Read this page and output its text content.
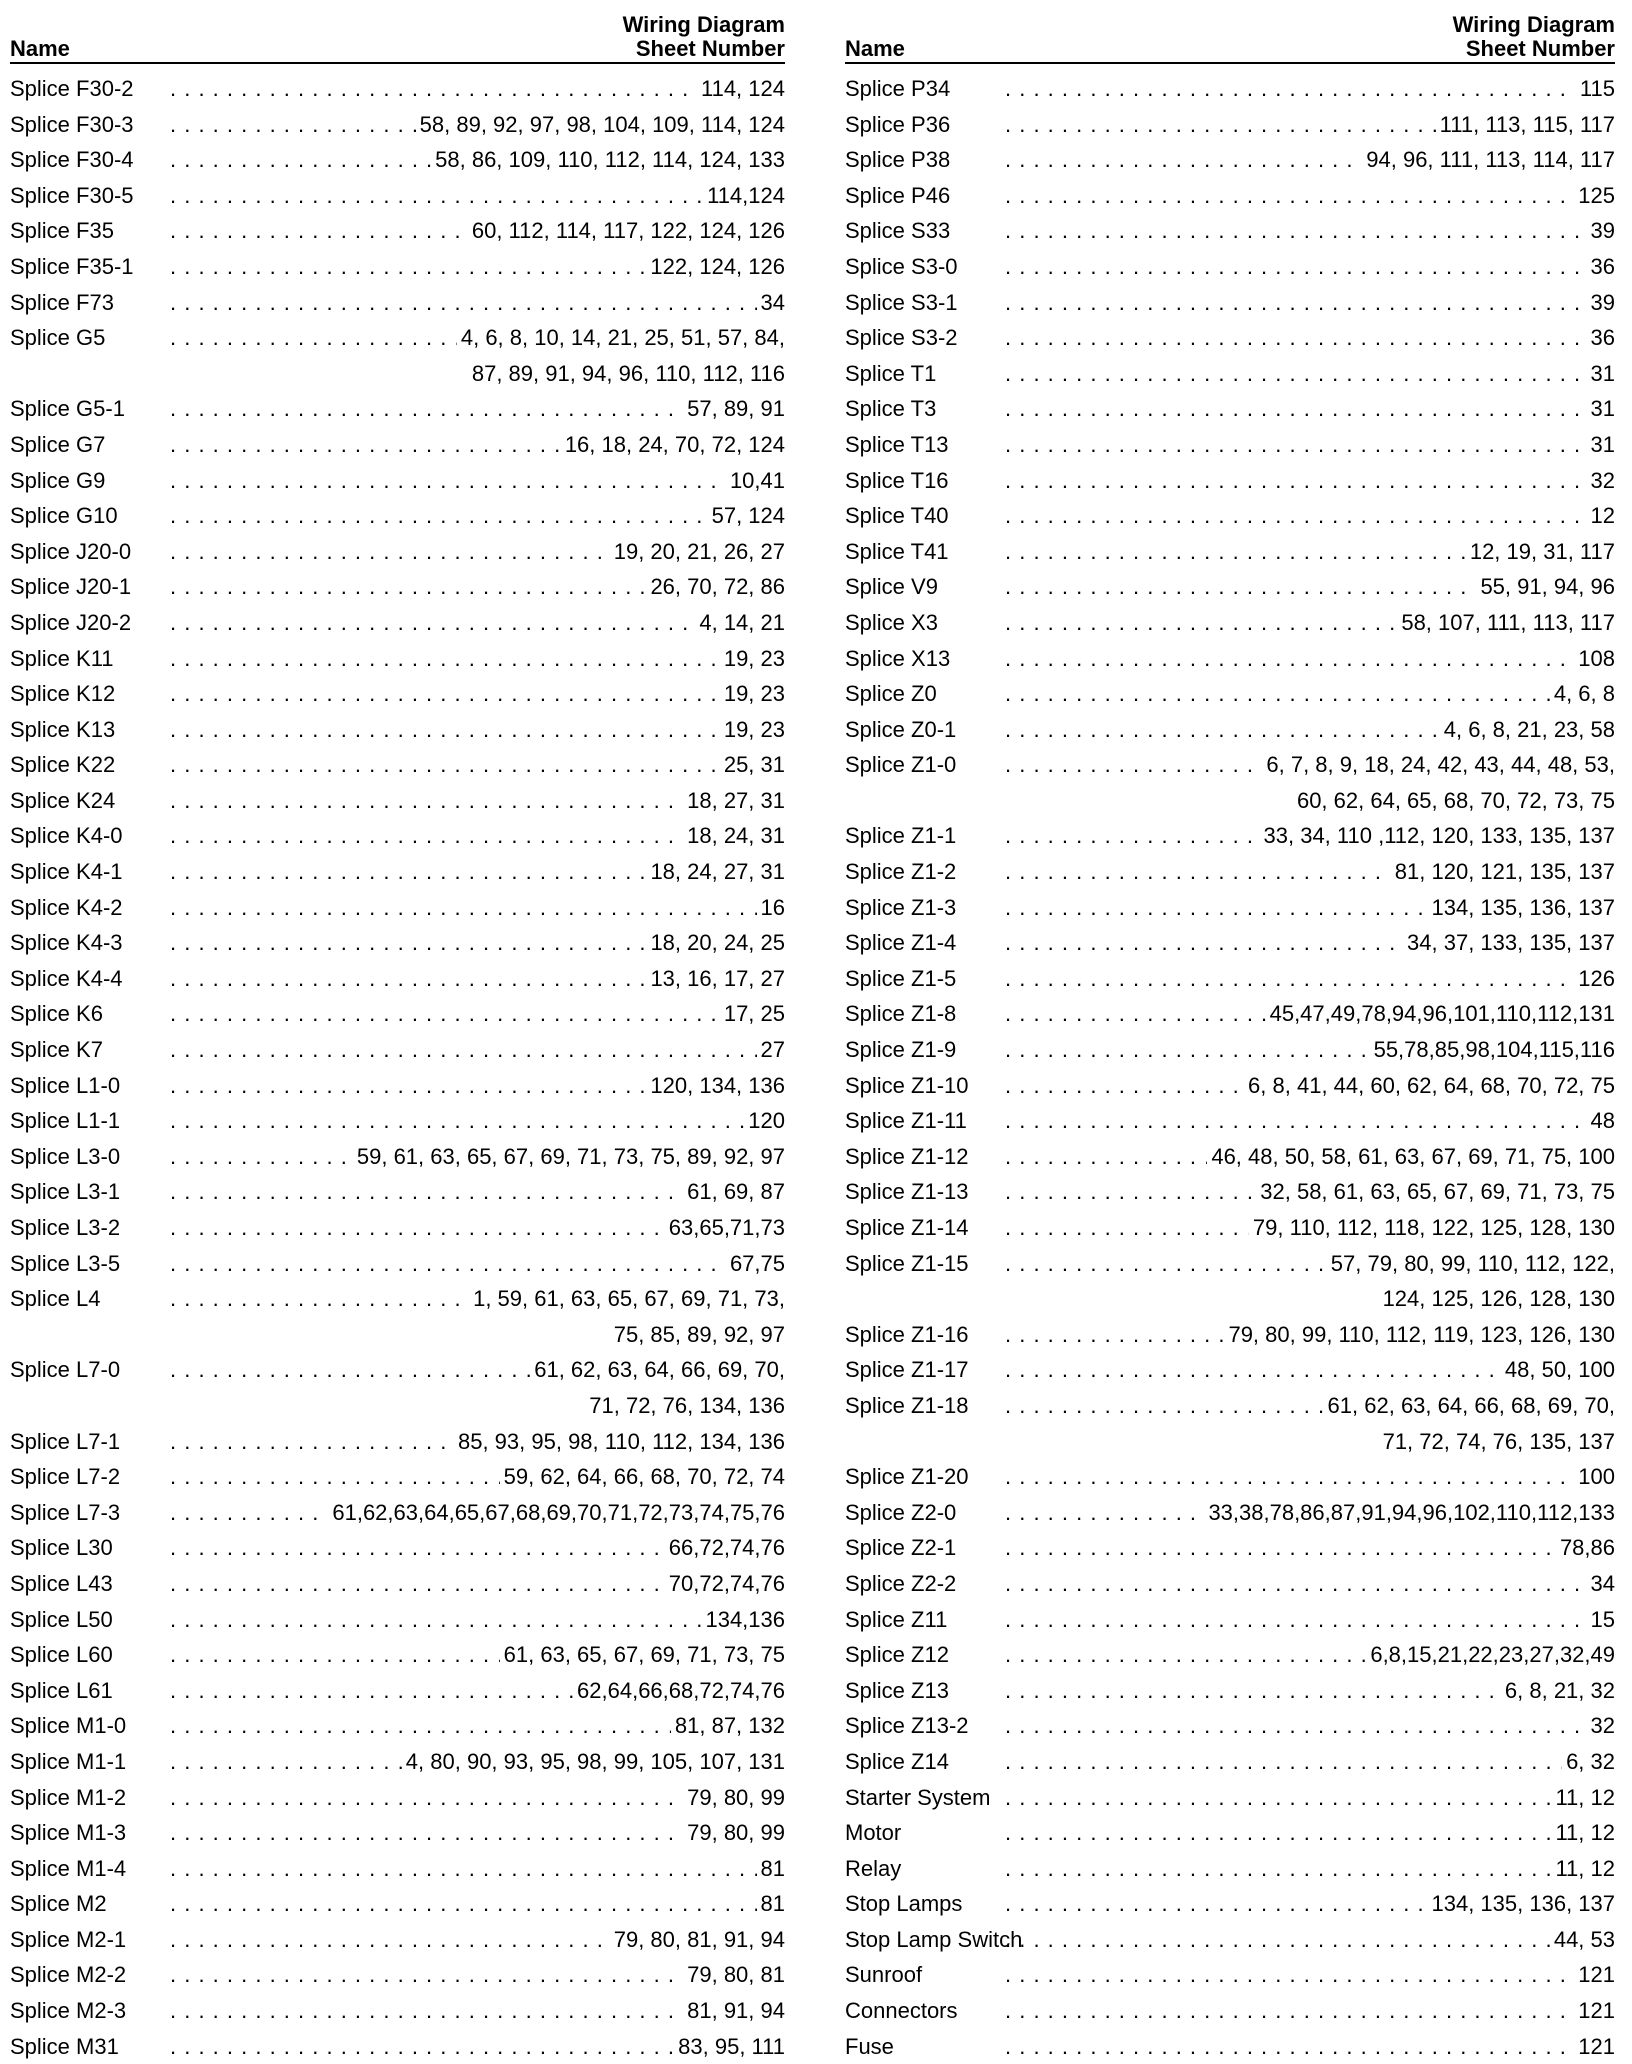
Name
Wiring Diagram
Sheet Number
. . .
Splice F30-2	114, 124
. . .
Splice F30-3	58, 89, 92, 97, 98, 104, 109, 114, 124
. . .
Splice F30-4	58, 86, 109, 110, 112, 114, 124, 133
. . .
Splice F30-5	114,124
. . .
Splice F35	60, 112, 114, 117, 122, 124, 126
. . .
Splice F35-1	122, 124, 126
. . .
Splice F73	34
. . .
Splice G5	4, 6, 8, 10, 14, 21, 25, 51, 57, 84,
87, 89, 91, 94, 96, 110, 112, 116
. . .
Splice G5-1	57, 89, 91
. . .
Splice G7	16, 18, 24, 70, 72, 124
. . .
Splice G9	10,41
. . .
Splice G10	57, 124
. . .
Splice J20-0	19, 20, 21, 26, 27
. . .
Splice J20-1	26, 70, 72, 86
. . .
Splice J20-2	4, 14, 21
. . .
Splice K11	19, 23
. . .
Splice K12	19, 23
. . .
Splice K13	19, 23
. . .
Splice K22	25, 31
. . .
Splice K24	18, 27, 31
. . .
Splice K4-0	18, 24, 31
. . .
Splice K4-1	18, 24, 27, 31
. . .
Splice K4-2	16
. . .
Splice K4-3	18, 20, 24, 25
. . .
Splice K4-4	13, 16, 17, 27
. . .
Splice K6	17, 25
. . .
Splice K7	27
. . .
Splice L1-0	120, 134, 136
. . .
Splice L1-1	120
. . .
Splice L3-0	59, 61, 63, 65, 67, 69, 71, 73, 75, 89, 92, 97
. . .
Splice L3-1	61, 69, 87
. . .
Splice L3-2	63,65,71,73
. . .
Splice L3-5	67,75
. . .
Splice L4	1, 59, 61, 63, 65, 67, 69, 71, 73,
75, 85, 89, 92, 97
. . .
Splice L7-0	61, 62, 63, 64, 66, 69, 70,
71, 72, 76, 134, 136
. . .
Splice L7-1	85, 93, 95, 98, 110, 112, 134, 136
. . .
Splice L7-2	59, 62, 64, 66, 68, 70, 72, 74
. . .
Splice L7-3	61,62,63,64,65,67,68,69,70,71,72,73,74,75,76
. . .
Splice L30	66,72,74,76
. . .
Splice L43	70,72,74,76
. . .
Splice L50	134,136
. . .
Splice L60	61, 63, 65, 67, 69, 71, 73, 75
. . .
Splice L61	62,64,66,68,72,74,76
. . .
Splice M1-0	81, 87, 132
. . .
Splice M1-1	4, 80, 90, 93, 95, 98, 99, 105, 107, 131
. . .
Splice M1-2	79, 80, 99
. . .
Splice M1-3	79, 80, 99
. . .
Splice M1-4	81
. . .
Splice M2	81
. . .
Splice M2-1	79, 80, 81, 91, 94
. . .
Splice M2-2	79, 80, 81
. . .
Splice M2-3	81, 91, 94
. . .
Splice M31	83, 95, 111
Name
Wiring Diagram
Sheet Number
. . .
Splice P34	115
. . .
Splice P36	111, 113, 115, 117
. . .
Splice P38	94, 96, 111, 113, 114, 117
. . .
Splice P46	125
. . .
Splice S33	39
. . .
Splice S3-0	36
. . .
Splice S3-1	39
. . .
Splice S3-2	36
. . .
Splice T1	31
. . .
Splice T3	31
. . .
Splice T13	31
. . .
Splice T16	32
. . .
Splice T40	12
. . .
Splice T41	12, 19, 31, 117
. . .
Splice V9	55, 91, 94, 96
. . .
Splice X3	58, 107, 111, 113, 117
. . .
Splice X13	108
. . .
Splice Z0	4, 6, 8
. . .
Splice Z0-1	4, 6, 8, 21, 23, 58
. . .
Splice Z1-0	6, 7, 8, 9, 18, 24, 42, 43, 44, 48, 53,
60, 62, 64, 65, 68, 70, 72, 73, 75
. . .
Splice Z1-1	33, 34, 110 ,112, 120, 133, 135, 137
. . .
Splice Z1-2	81, 120, 121, 135, 137
. . .
Splice Z1-3	134, 135, 136, 137
. . .
Splice Z1-4	34, 37, 133, 135, 137
. . .
Splice Z1-5	126
. . .
Splice Z1-8	45,47,49,78,94,96,101,110,112,131
. . .
Splice Z1-9	55,78,85,98,104,115,116
. . .
Splice Z1-10	6, 8, 41, 44, 60, 62, 64, 68, 70, 72, 75
. . .
Splice Z1-11	48
. . .
Splice Z1-12	46, 48, 50, 58, 61, 63, 67, 69, 71, 75, 100
. . .
Splice Z1-13	32, 58, 61, 63, 65, 67, 69, 71, 73, 75
. . .
Splice Z1-14	79, 110, 112, 118, 122, 125, 128, 130
. . .
Splice Z1-15	57, 79, 80, 99, 110, 112, 122,
124, 125, 126, 128, 130
. . .
Splice Z1-16	79, 80, 99, 110, 112, 119, 123, 126, 130
. . .
Splice Z1-17	48, 50, 100
. . .
Splice Z1-18	61, 62, 63, 64, 66, 68, 69, 70,
71, 72, 74, 76, 135, 137
. . .
Splice Z1-20	100
. . .
Splice Z2-0	33,38,78,86,87,91,94,96,102,110,112,133
. . .
Splice Z2-1	78,86
. . .
Splice Z2-2	34
. . .
Splice Z11	15
. . .
Splice Z12	6,8,15,21,22,23,27,32,49
. . .
Splice Z13	6, 8, 21, 32
. . .
Splice Z13-2	32
. . .
Splice Z14	6, 32
. . .
Starter System	11, 12
. . .
Motor	11, 12
. . .
Relay	11, 12
. . .
Stop Lamps	134, 135, 136, 137
. . .
Stop Lamp Switch	44, 53
. . .
Sunroof	121
. . .
Connectors	121
. . .
Fuse	121
